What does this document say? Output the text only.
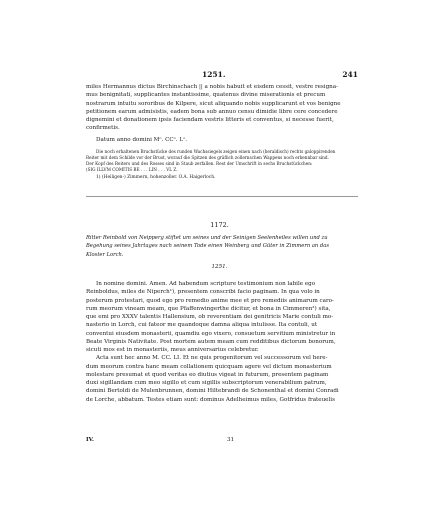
1251.	241
miles Hermannus dictus Birchinschach || a nobis habuit et eisdem cessit, vestre resigna-
mus benignitati, supplicantes instantissime, quatenus divine miserationis et precum
nostrarum intuitu sororibus de Kilpere, sicut aliquando nobis supplicarunt et vos benigne
petitionem earum admisistis, eadem bona sub annuo censu dimidie libre cere concedere
dignemini et donationem ipsis faciendam vestris litteris et conventus, si necesse fuerit,
confirmetis.
Datum anno domini Mᵒ. CCᵒ. Lᵒ.
Die noch erhaltenen Bruchstücke des runden Wachssiegels zeigen einen nach (heraldisch) rechts galoppirenden
Reiter mit dem Schilde vor der Brust, worauf die Spitzen des gräflich zollernschen Wappens noch erkennbar sind.
Der Kopf des Reiters und des Rosses sind in Staub zerfallen. Rest der Umschrift in sechs Bruchstückchen:
(SIG ILLVM COMITIS BE . . . LIN . . . VL Z.
1) (Heiligen-) Zimmern, hohenzoller. O.A. Haigerloch.
1172.
Ritter Reinbold von Neipperg stiftet um seines und der Seinigen Seelenheiles willen und zu
Begehung seines Jahrtages nach seinem Tode einen Weinberg und Güter in Zimmern an das
Kloster Lorch.
1251.
In nomine domini. Amen. Ad habendum scripture testimonium non labile ego
Reinboldus, miles de Niperch¹), presentem conscribi facio paginam. In qua volo in
posterum protestari, quod ego pro remedio anime mee et pro remediis animarum caro-
rum meorum vineam meam, que Pfaffenwingerthe dicitur, et bona in Cimmeren²) sita,
que emi pro XXXV talentis Hallensium, ob reverentiam dei genitricis Marie contuli mo-
nasterio in Lorch, cui fateor me quandoque damna aliqua intulisse. Ita contuli, ut
conventui eiusdem monasterii, quamdiu ego vixero, consuetum servitium ministretur in
Beate Virginis Nativitate. Post mortem autem meam cum redditibus dictorum bonorum,
sicuti mos est in monasteriis, meus anniversarius celebretur.
Acta sunt hec anno M. CC. LI. Et ne quis progenitorum vel successorum vel here-
dum meorum contra hanc meam collationem quicquam agere vel dictum monasterium
molestare presumat et quod veritas eo diutius vigeat in futurum, presentem paginam
duxi sigillandam cum meo sigillo et cum sigillis subscriptorum venerabilium patrum,
domini Bertoldi de Mulenbrunnen, domini Hiltebrandi de Schonenthal et domini Conradi
de Lorche, abbatum. Testes etiam sunt: dominus Adelheimus miles, Gotfridus frateuelis
IV.	31
